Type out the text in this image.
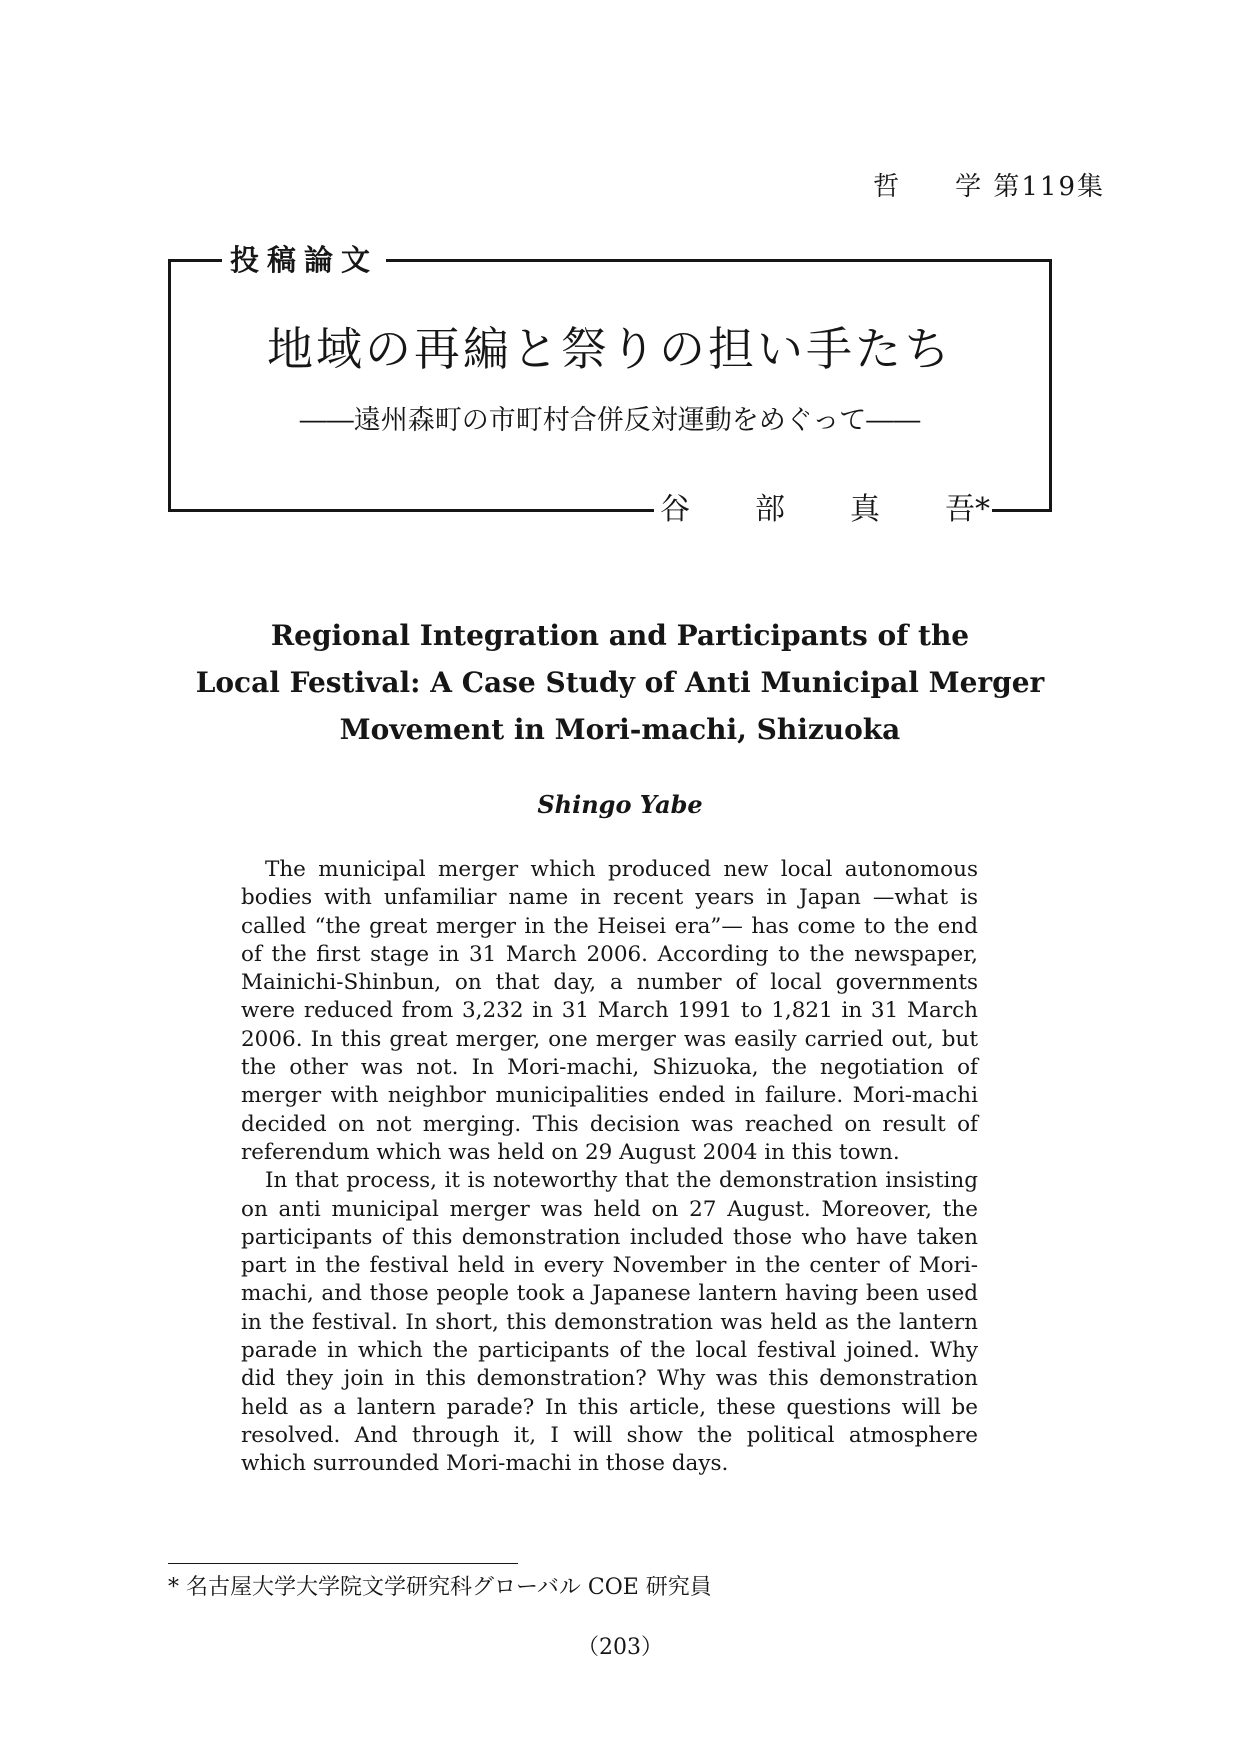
哲 学 第119集
投稿論文
地域の再編と祭りの担い手たち
――遠州森町の市町村合併反対運動をめぐって――
谷 部 真 吾*
Regional Integration and Participants of the
Local Festival: A Case Study of Anti Municipal Merger
Movement in Mori-machi, Shizuoka
Shingo Yabe

The municipal merger which produced new local autonomous bodies with unfamiliar name in recent years in Japan —what is called “the great merger in the Heisei era”— has come to the end of the first stage in 31 March 2006. According to the newspaper, Mainichi-Shinbun, on that day, a number of local governments were reduced from 3,232 in 31 March 1991 to 1,821 in 31 March 2006. In this great merger, one merger was easily carried out, but the other was not. In Mori-machi, Shizuoka, the negotiation of merger with neighbor municipalities ended in failure. Mori-machi decided on not merging. This decision was reached on result of referendum which was held on 29 August 2004 in this town.

In that process, it is noteworthy that the demonstration insisting on anti municipal merger was held on 27 August. Moreover, the participants of this demonstration included those who have taken part in the festival held in every November in the center of Mori-machi, and those people took a Japanese lantern having been used in the festival. In short, this demonstration was held as the lantern parade in which the participants of the local festival joined. Why did they join in this demonstration? Why was this demonstration held as a lantern parade? In this article, these questions will be resolved. And through it, I will show the political atmosphere which surrounded Mori-machi in those days.

* 名古屋大学大学院文学研究科グローバル COE 研究員
（203）
